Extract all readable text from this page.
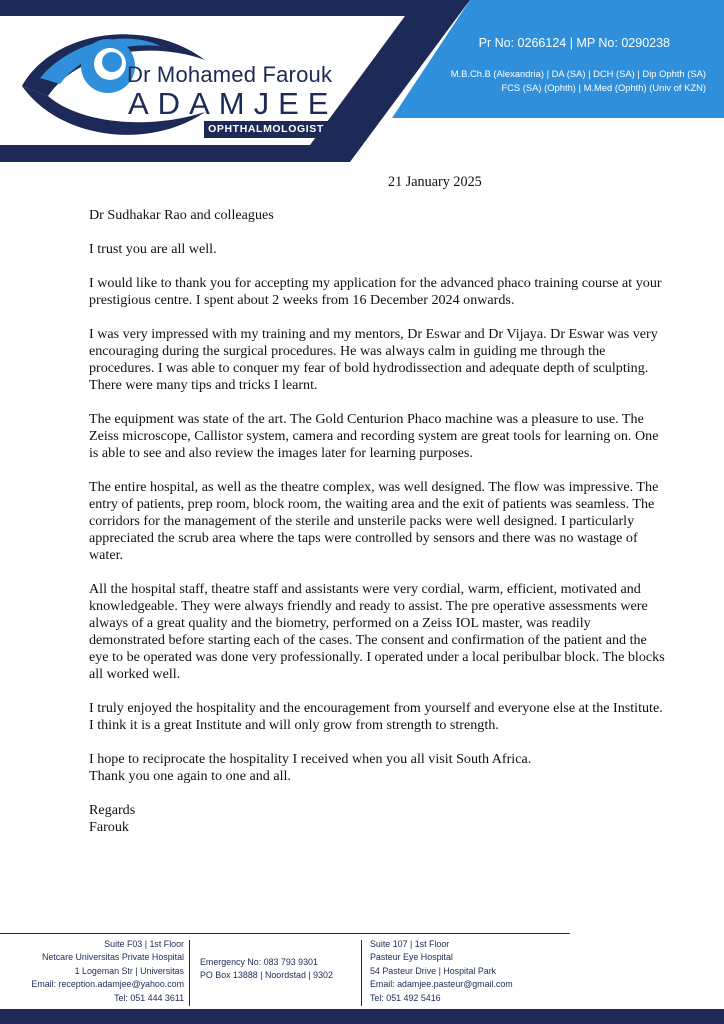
Dr Mohamed Farouk
ADAMJEE
OPHTHALMOLOGIST
Pr No: 0266124 | MP No: 0290238
M.B.Ch.B (Alexandria) | DA (SA) | DCH (SA) | Dip Ophth (SA)
FCS (SA) (Ophth) | M.Med (Ophth) (Univ of KZN)
21 January 2025

Dr Sudhakar Rao and colleagues

I trust you are all well.

I would like to thank you for accepting my application for the advanced phaco training course at your prestigious centre. I spent about 2 weeks from 16 December 2024 onwards.

I was very impressed with my training and my mentors, Dr Eswar and Dr Vijaya. Dr Eswar was very encouraging during the surgical procedures. He was always calm in guiding me through the procedures. I was able to conquer my fear of bold hydrodissection and adequate depth of sculpting. There were many tips and tricks I learnt.

The equipment was state of the art. The Gold Centurion Phaco machine was a pleasure to use. The Zeiss microscope, Callistor system, camera and recording system are great tools for learning on. One is able to see and also review the images later for learning purposes.

The entire hospital, as well as the theatre complex, was well designed. The flow was impressive. The entry of patients, prep room, block room, the waiting area and the exit of patients was seamless. The corridors for the management of the sterile and unsterile packs were well designed. I particularly appreciated the scrub area where the taps were controlled by sensors and there was no wastage of water.

All the hospital staff, theatre staff and assistants were very cordial, warm, efficient, motivated and knowledgeable. They were always friendly and ready to assist. The pre operative assessments were always of a great quality and the biometry, performed on a Zeiss IOL master, was readily demonstrated before starting each of the cases. The consent and confirmation of the patient and the eye to be operated was done very professionally. I operated under a local peribulbar block. The blocks all worked well.

I truly enjoyed the hospitality and the encouragement from yourself and everyone else at the Institute. I think it is a great Institute and will only grow from strength to strength.

I hope to reciprocate the hospitality I received when you all visit South Africa.

Thank you one again to one and all.

Regards

Farouk

Suite F03 | 1st Floor
Netcare Universitas Private Hospital
1 Logeman Str | Universitas
Email: reception.adamjee@yahoo.com
Tel: 051 444 3611
Emergency No: 083 793 9301
PO Box 13888 | Noordstad | 9302
Suite 107 | 1st Floor
Pasteur Eye Hospital
54 Pasteur Drive | Hospital Park
Email: adamjee.pasteur@gmail.com
Tel: 051 492 5416
